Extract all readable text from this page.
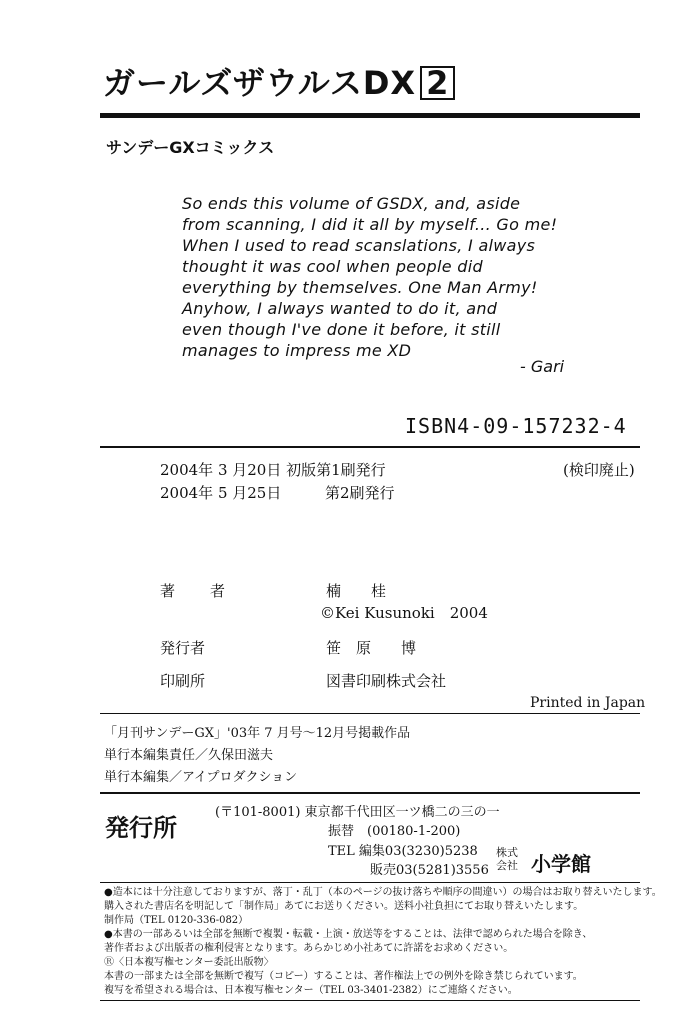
ガールズザウルスDX 2
サンデーGXコミックス
So ends this volume of GSDX, and, aside
from scanning, I did it all by myself... Go me!
When I used to read scanslations, I always
thought it was cool when people did
everything by themselves. One Man Army!
Anyhow, I always wanted to do it, and
even though I've done it before, it still
manages to impress me XD
- Gari
ISBN4-09-157232-4
2004年 3 月20日 初版第1刷発行	(検印廃止)
2004年 5 月25日	第2刷発行
著　者	楠　　桂
©Kei Kusunoki　2004
発行者	笹　原　　博
印刷所	図書印刷株式会社
Printed in Japan
「月刊サンデーGX」'03年 7 月号～12月号掲載作品
単行本編集責任／久保田滋夫
単行本編集／アイプロダクション
発行所
(〒101-8001) 東京都千代田区一ツ橋二の三の一
振替　(00180-1-200)
TEL 編集03(3230)5238
販売03(5281)3556
株式 会社 小学館
●造本には十分注意しておりますが、落丁・乱丁（本のページの抜け落ちや順序の間違い）の場合はお取り替えいたします。
購入された書店名を明記して「制作局」あてにお送りください。送料小社負担にてお取り替えいたします。
制作局（TEL 0120-336-082）
●本書の一部あるいは全部を無断で複製・転載・上演・放送等をすることは、法律で認められた場合を除き、
著作者および出版者の権利侵害となります。あらかじめ小社あてに許諾をお求めください。
Ⓡ〈日本複写権センター委託出版物〉
本書の一部または全部を無断で複写（コピー）することは、著作権法上での例外を除き禁じられています。
複写を希望される場合は、日本複写権センター（TEL 03-3401-2382）にご連絡ください。
